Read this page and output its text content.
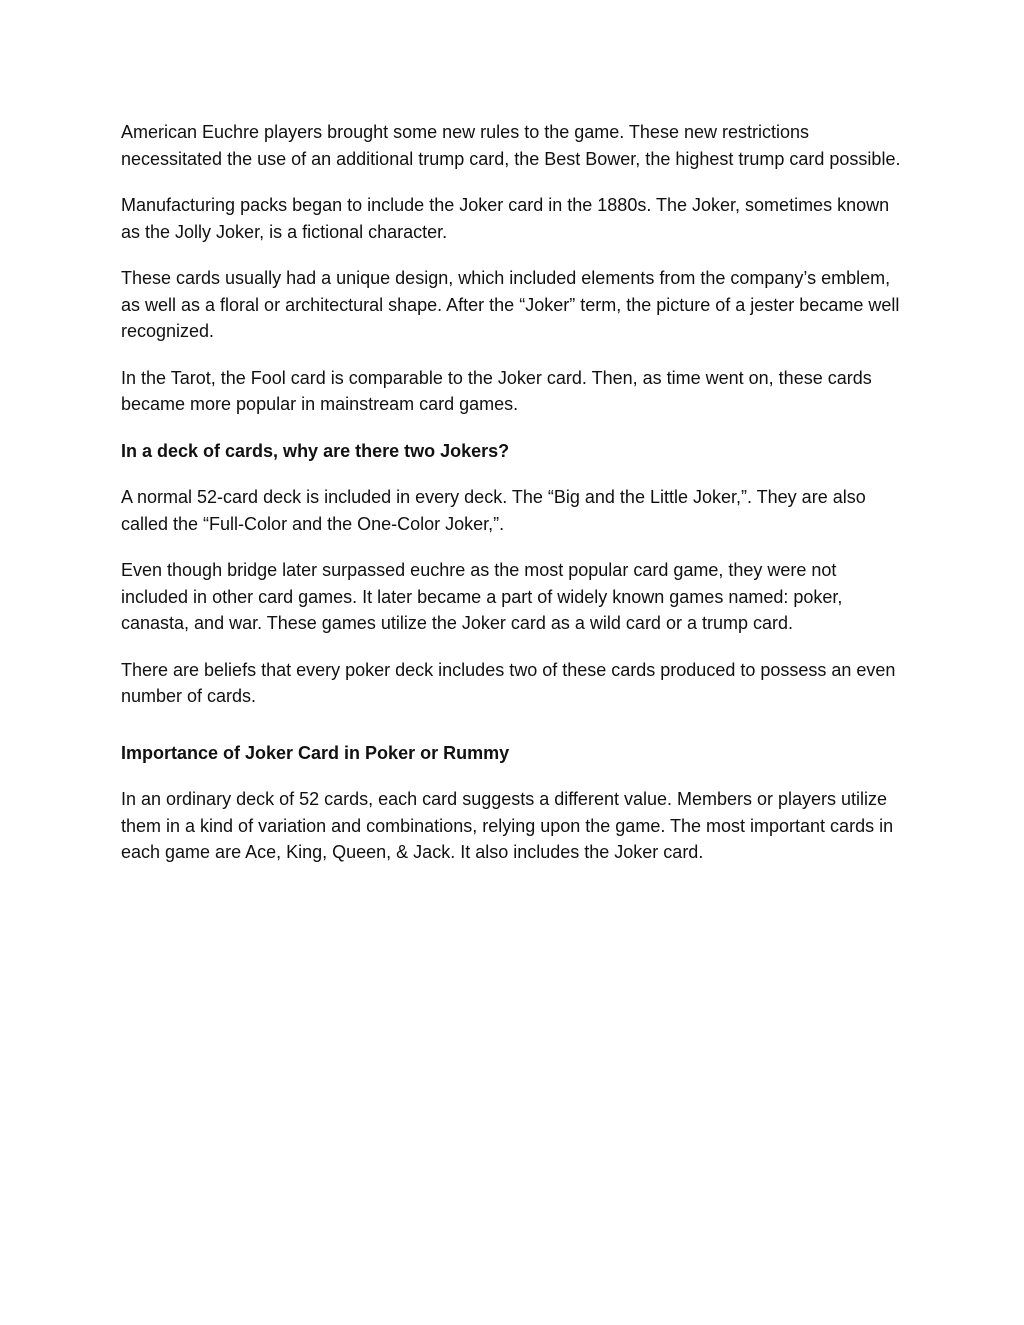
American Euchre players brought some new rules to the game. These new restrictions necessitated the use of an additional trump card, the Best Bower, the highest trump card possible.

Manufacturing packs began to include the Joker card in the 1880s. The Joker, sometimes known as the Jolly Joker, is a fictional character.

These cards usually had a unique design, which included elements from the company’s emblem, as well as a floral or architectural shape. After the “Joker” term, the picture of a jester became well recognized.

In the Tarot, the Fool card is comparable to the Joker card. Then, as time went on, these cards became more popular in mainstream card games.

In a deck of cards, why are there two Jokers?

A normal 52-card deck is included in every deck. The “Big and the Little Joker,”. They are also called the “Full-Color and the One-Color Joker,”.

Even though bridge later surpassed euchre as the most popular card game, they were not included in other card games. It later became a part of widely known games named: poker, canasta, and war. These games utilize the Joker card as a wild card or a trump card.

There are beliefs that every poker deck includes two of these cards produced to possess an even number of cards.

Importance of Joker Card in Poker or Rummy

In an ordinary deck of 52 cards, each card suggests a different value. Members or players utilize them in a kind of variation and combinations, relying upon the game. The most important cards in each game are Ace, King, Queen, & Jack. It also includes the Joker card.
